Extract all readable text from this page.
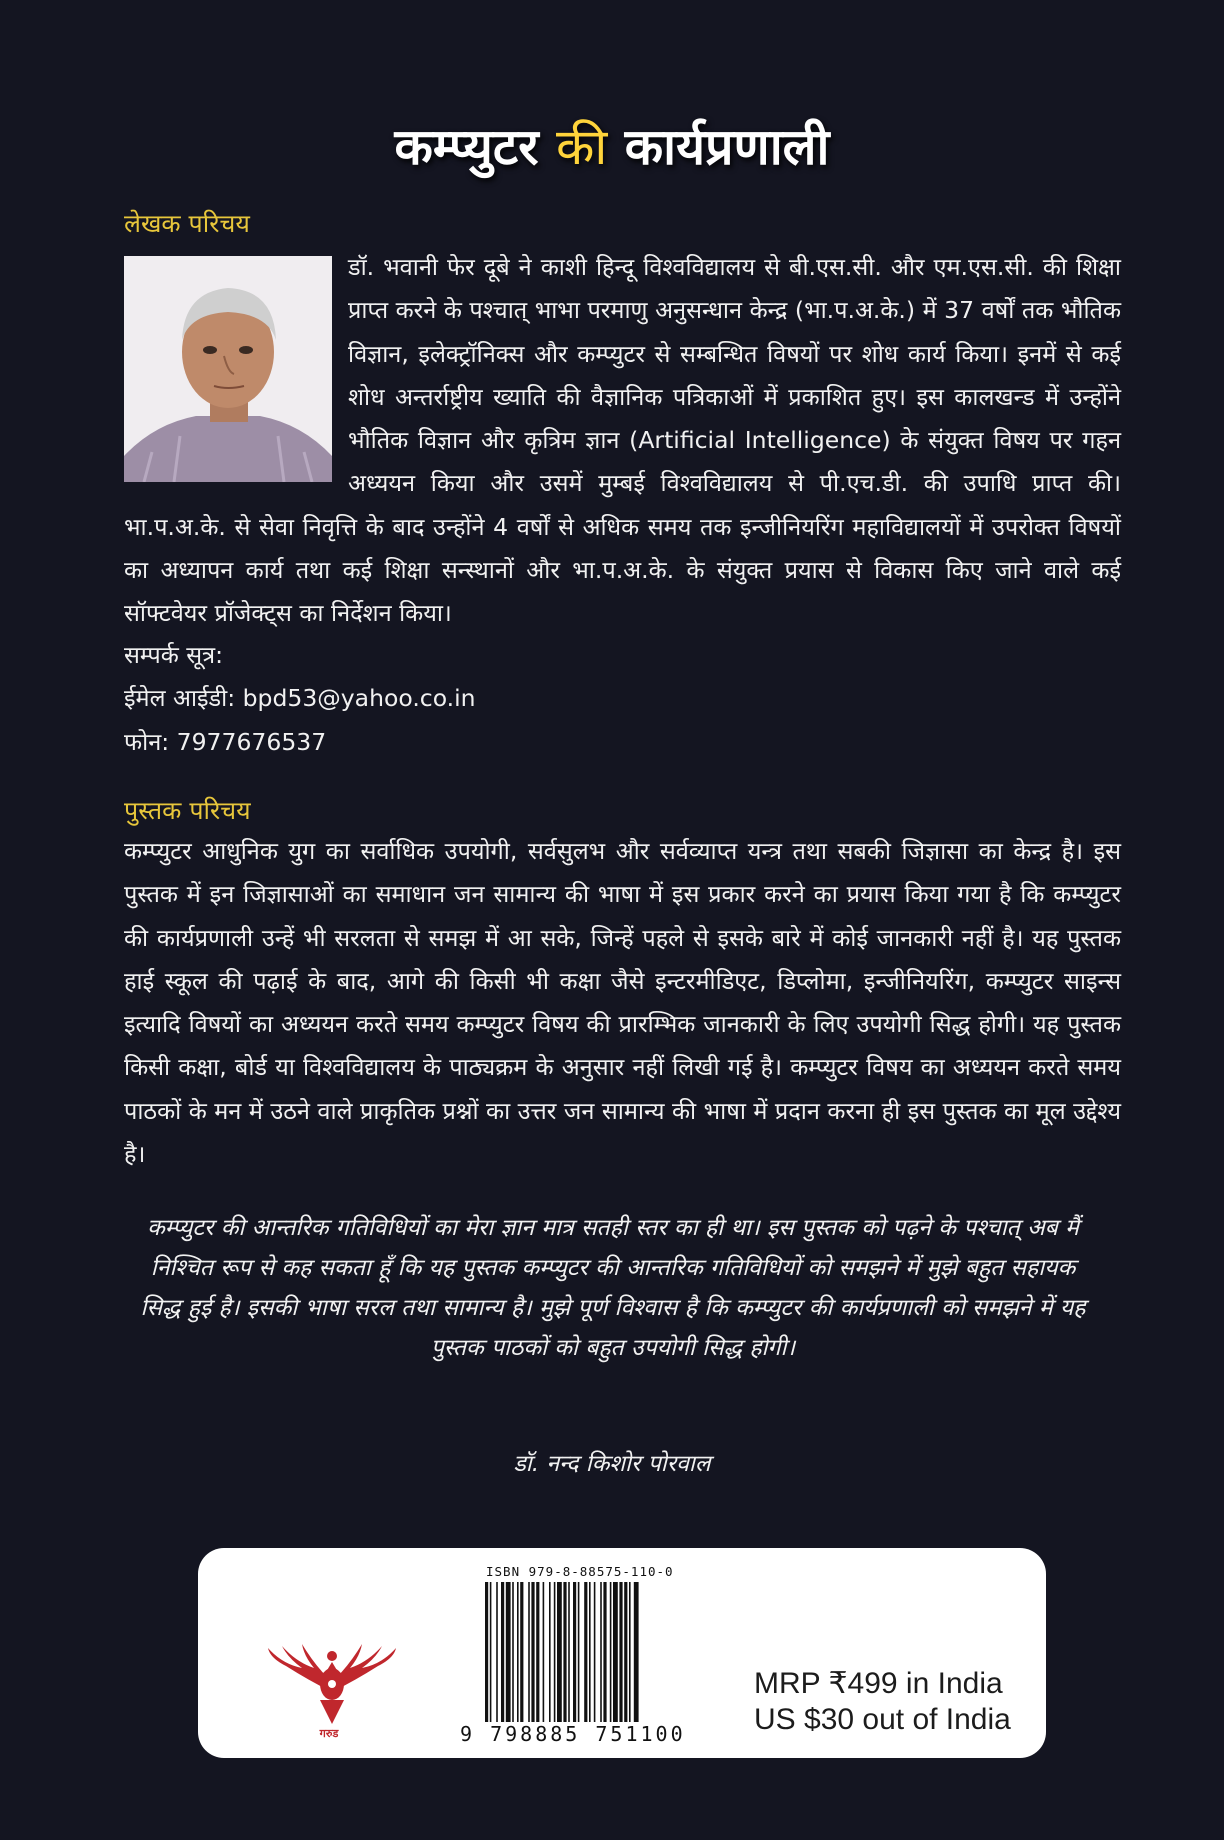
कम्प्युटर की कार्यप्रणाली
लेखक परिचय

डॉ. भवानी फेर दूबे ने काशी हिन्दू विश्वविद्यालय से बी.एस.सी. और एम.एस.सी. की शिक्षा प्राप्त करने के पश्चात् भाभा परमाणु अनुसन्धान केन्द्र (भा.प.अ.के.) में 37 वर्षों तक भौतिक विज्ञान, इलेक्ट्रॉनिक्स और कम्प्युटर से सम्बन्धित विषयों पर शोध कार्य किया। इनमें से कई शोध अन्तर्राष्ट्रीय ख्याति की वैज्ञानिक पत्रिकाओं में प्रकाशित हुए। इस कालखन्ड में उन्होंने भौतिक विज्ञान और कृत्रिम ज्ञान (Artificial Intelligence) के संयुक्त विषय पर गहन अध्ययन किया और उसमें मुम्बई विश्वविद्यालय से पी.एच.डी. की उपाधि प्राप्त की। भा.प.अ.के. से सेवा निवृत्ति के बाद उन्होंने 4 वर्षों से अधिक समय तक इन्जीनियरिंग महाविद्यालयों में उपरोक्त विषयों का अध्यापन कार्य तथा कई शिक्षा सन्स्थानों और भा.प.अ.के. के संयुक्त प्रयास से विकास किए जाने वाले कई सॉफ्टवेयर प्रॉजेक्ट्स का निर्देशन किया।

सम्पर्क सूत्र:
ईमेल आईडी: bpd53@yahoo.co.in
फोन: 7977676537
पुस्तक परिचय

कम्प्युटर आधुनिक युग का सर्वाधिक उपयोगी, सर्वसुलभ और सर्वव्याप्त यन्त्र तथा सबकी जिज्ञासा का केन्द्र है। इस पुस्तक में इन जिज्ञासाओं का समाधान जन सामान्य की भाषा में इस प्रकार करने का प्रयास किया गया है कि कम्प्युटर की कार्यप्रणाली उन्हें भी सरलता से समझ में आ सके, जिन्हें पहले से इसके बारे में कोई जानकारी नहीं है। यह पुस्तक हाई स्कूल की पढ़ाई के बाद, आगे की किसी भी कक्षा जैसे इन्टरमीडिएट, डिप्लोमा, इन्जीनियरिंग, कम्प्युटर साइन्स इत्यादि विषयों का अध्ययन करते समय कम्प्युटर विषय की प्रारम्भिक जानकारी के लिए उपयोगी सिद्ध होगी। यह पुस्तक किसी कक्षा, बोर्ड या विश्वविद्यालय के पाठ्यक्रम के अनुसार नहीं लिखी गई है। कम्प्युटर विषय का अध्ययन करते समय पाठकों के मन में उठने वाले प्राकृतिक प्रश्नों का उत्तर जन सामान्य की भाषा में प्रदान करना ही इस पुस्तक का मूल उद्देश्य है।

कम्प्युटर की आन्तरिक गतिविधियों का मेरा ज्ञान मात्र सतही स्तर का ही था। इस पुस्तक को पढ़ने के पश्चात् अब मैं निश्चित रूप से कह सकता हूँ कि यह पुस्तक कम्प्युटर की आन्तरिक गतिविधियों को समझने में मुझे बहुत सहायक सिद्ध हुई है। इसकी भाषा सरल तथा सामान्य है। मुझे पूर्ण विश्वास है कि कम्प्युटर की कार्यप्रणाली को समझने में यह पुस्तक पाठकों को बहुत उपयोगी सिद्ध होगी।

डॉ. नन्द किशोर पोरवाल
गरुड
ISBN 979-8-88575-110-0
9 798885 751100
MRP ₹499 in India
US $30 out of India
